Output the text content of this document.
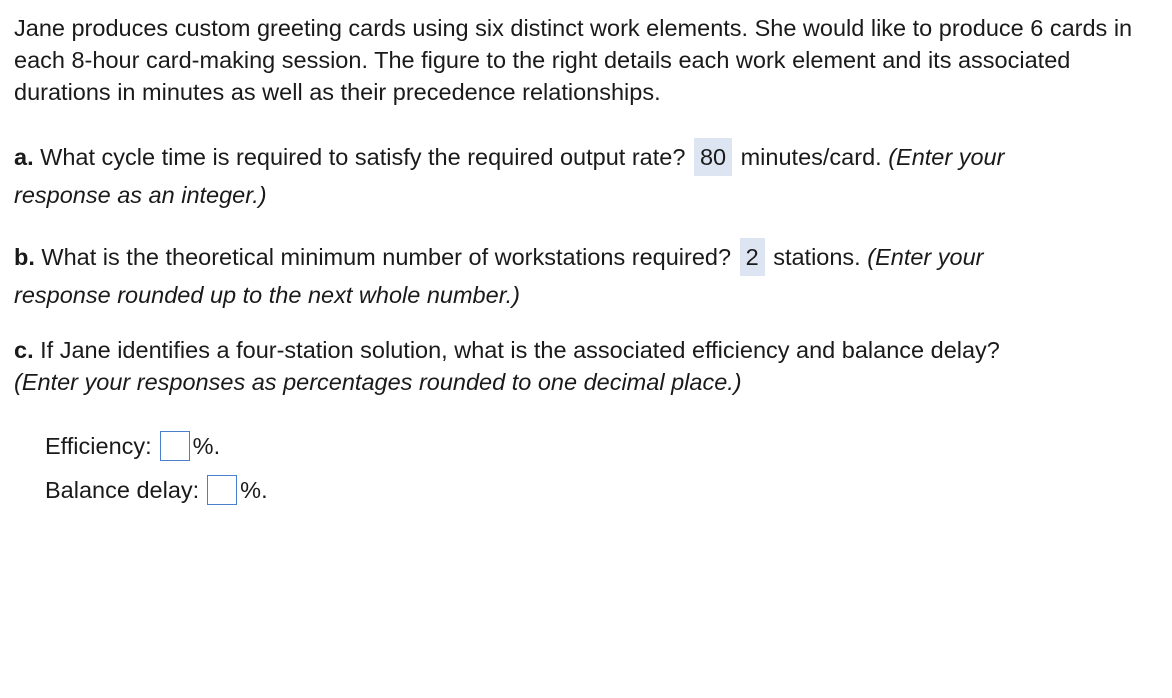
Jane produces custom greeting cards using six distinct work elements. She would like to produce 6 cards in each 8-hour card-making session. The figure to the right details each work element and its associated durations in minutes as well as their precedence relationships.

a. What cycle time is required to satisfy the required output rate? 80 minutes/card. (Enter your
response as an integer.)

b. What is the theoretical minimum number of workstations required? 2 stations. (Enter your
response rounded up to the next whole number.)

c. If Jane identifies a four-station solution, what is the associated efficiency and balance delay?
(Enter your responses as percentages rounded to one decimal place.)

Efficiency: %.
Balance delay: %.
